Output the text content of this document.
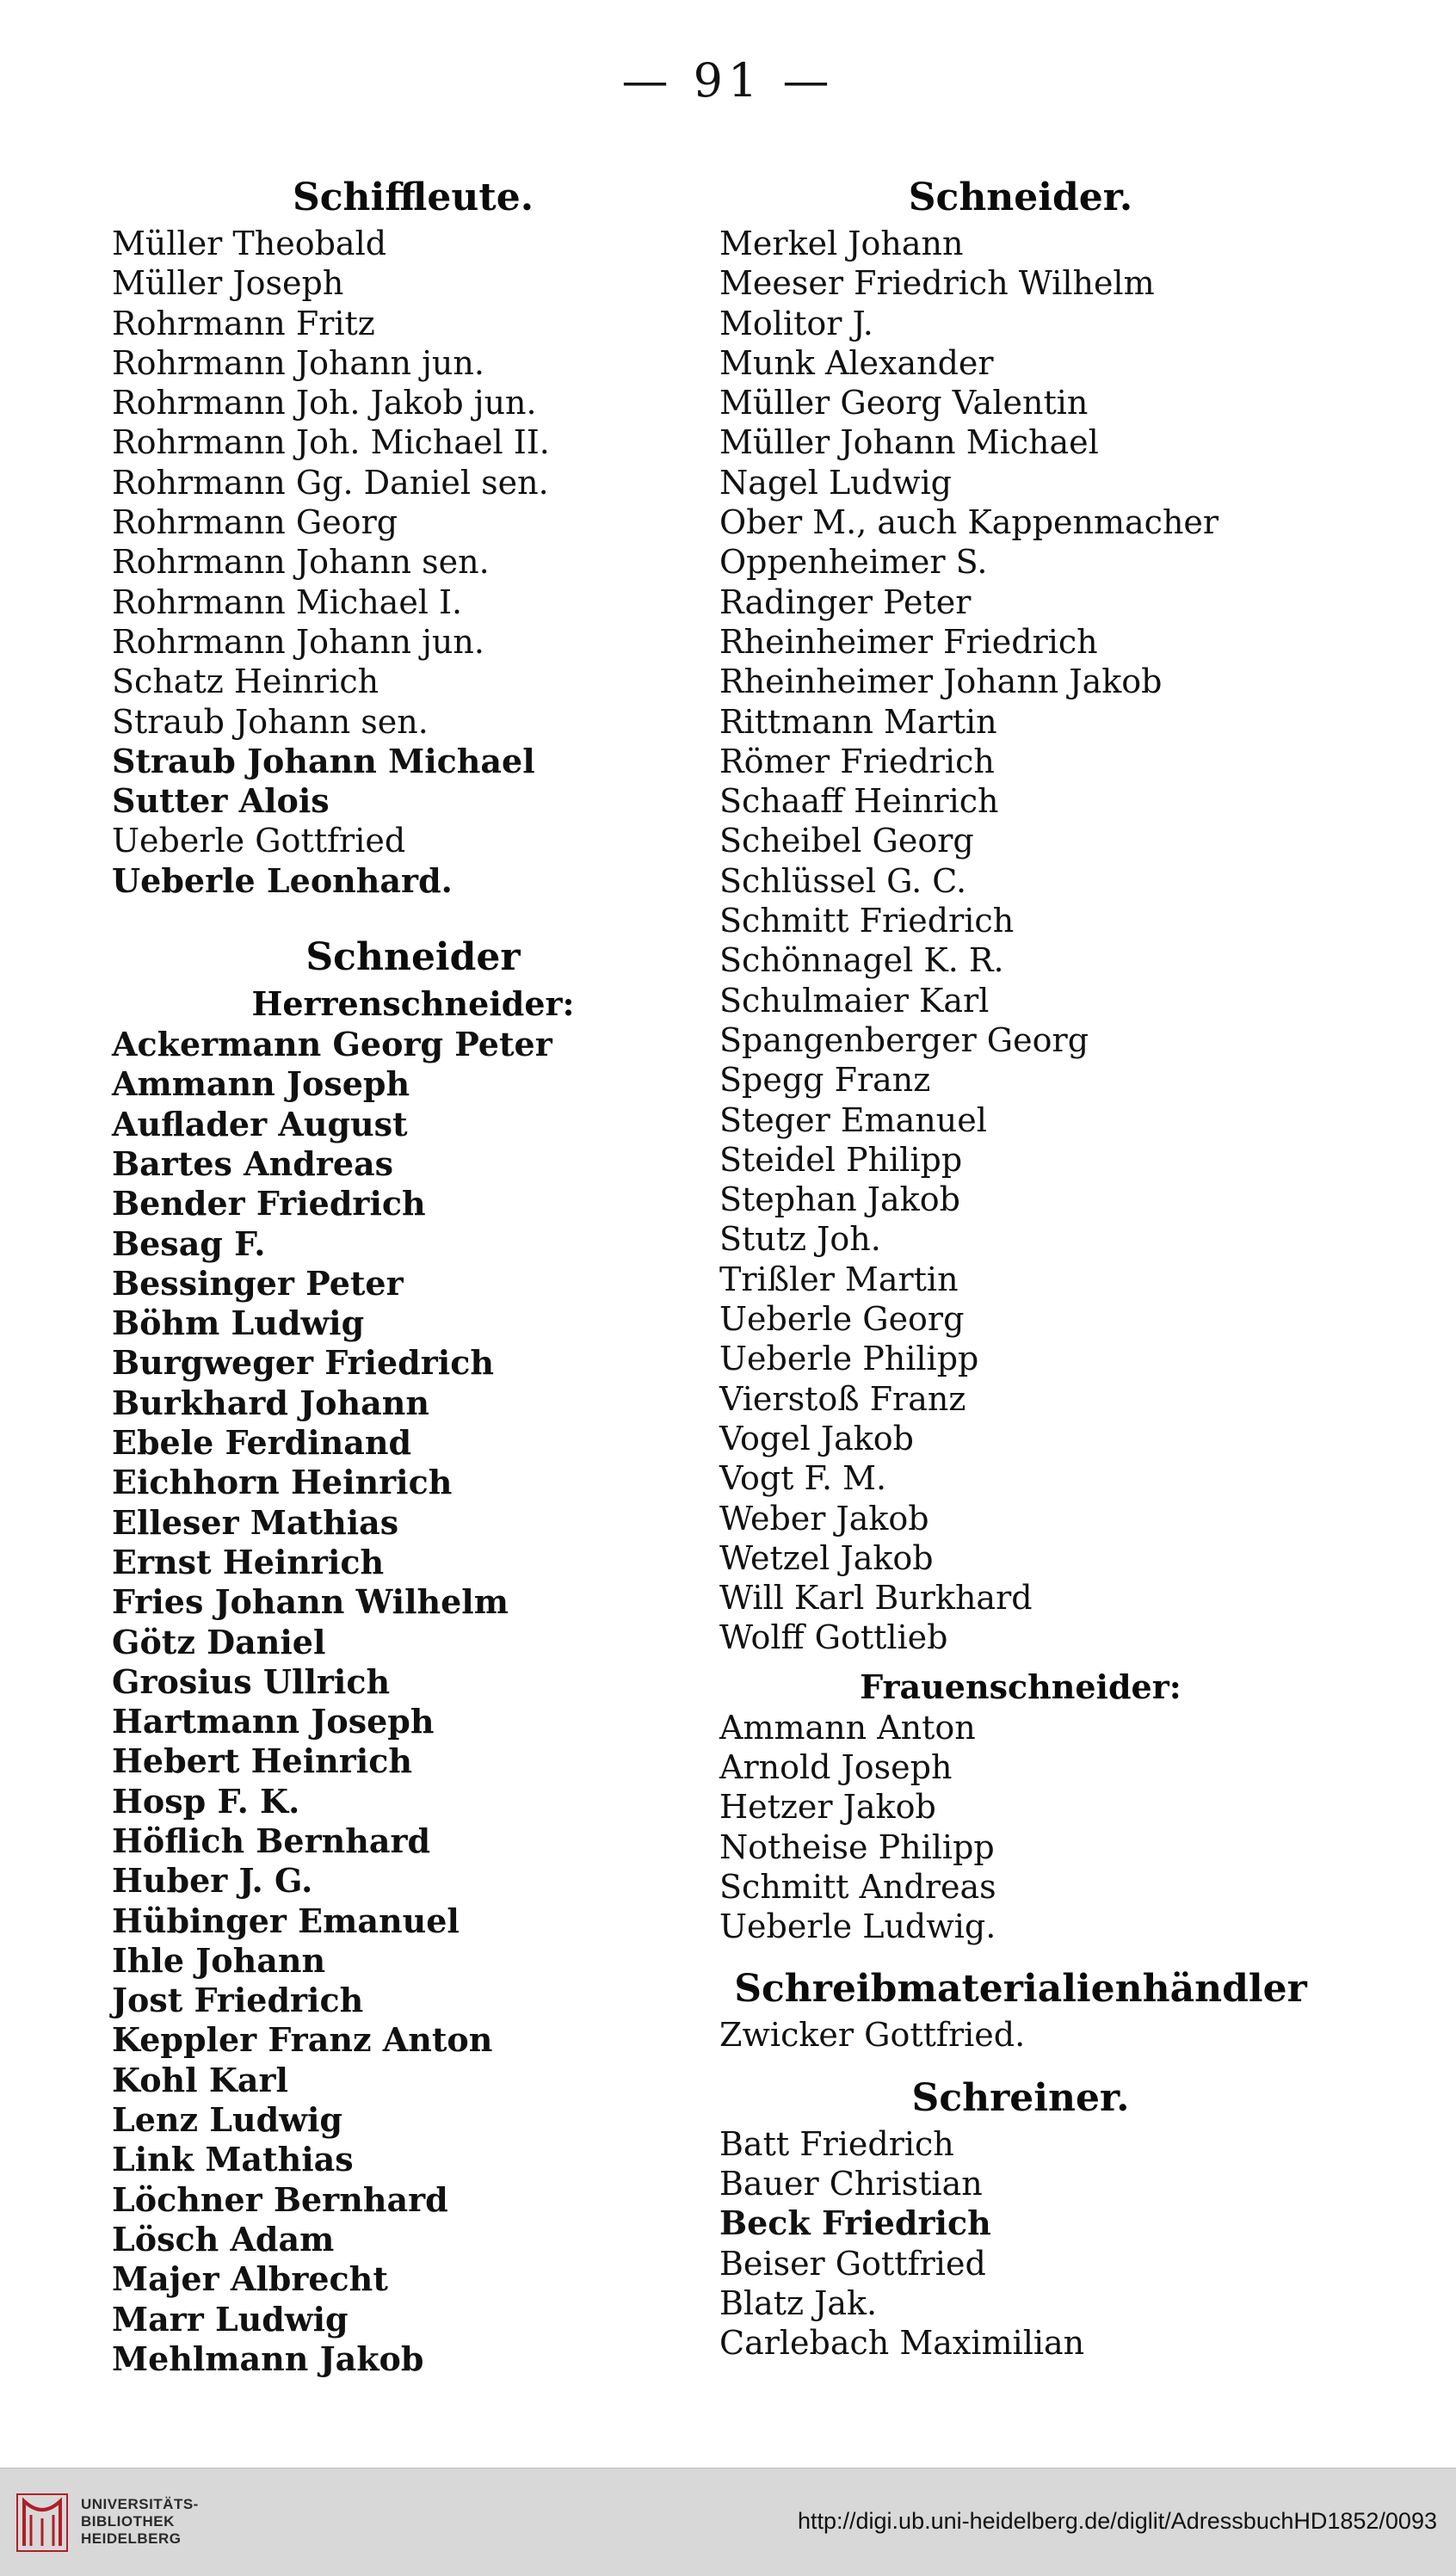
— 91 —
Schiffleute.
Müller Theobald
Müller Joseph
Rohrmann Fritz
Rohrmann Johann jun.
Rohrmann Joh. Jakob jun.
Rohrmann Joh. Michael II.
Rohrmann Gg. Daniel sen.
Rohrmann Georg
Rohrmann Johann sen.
Rohrmann Michael I.
Rohrmann Johann jun.
Schatz Heinrich
Straub Johann sen.
Straub Johann Michael
Sutter Alois
Ueberle Gottfried
Ueberle Leonhard.
Schneider
Herrenschneider:
Ackermann Georg Peter
Ammann Joseph
Auflader August
Bartes Andreas
Bender Friedrich
Besag F.
Bessinger Peter
Böhm Ludwig
Burgweger Friedrich
Burkhard Johann
Ebele Ferdinand
Eichhorn Heinrich
Elleser Mathias
Ernst Heinrich
Fries Johann Wilhelm
Götz Daniel
Grosius Ullrich
Hartmann Joseph
Hebert Heinrich
Hosp F. K.
Höflich Bernhard
Huber J. G.
Hübinger Emanuel
Ihle Johann
Jost Friedrich
Keppler Franz Anton
Kohl Karl
Lenz Ludwig
Link Mathias
Löchner Bernhard
Lösch Adam
Majer Albrecht
Marr Ludwig
Mehlmann Jakob
Schneider.
Merkel Johann
Meeser Friedrich Wilhelm
Molitor J.
Munk Alexander
Müller Georg Valentin
Müller Johann Michael
Nagel Ludwig
Ober M., auch Kappenmacher
Oppenheimer S.
Radinger Peter
Rheinheimer Friedrich
Rheinheimer Johann Jakob
Rittmann Martin
Römer Friedrich
Schaaff Heinrich
Scheibel Georg
Schlüssel G. C.
Schmitt Friedrich
Schönnagel K. R.
Schulmaier Karl
Spangenberger Georg
Spegg Franz
Steger Emanuel
Steidel Philipp
Stephan Jakob
Stutz Joh.
Trißler Martin
Ueberle Georg
Ueberle Philipp
Vierstoß Franz
Vogel Jakob
Vogt F. M.
Weber Jakob
Wetzel Jakob
Will Karl Burkhard
Wolff Gottlieb
Frauenschneider:
Ammann Anton
Arnold Joseph
Hetzer Jakob
Notheise Philipp
Schmitt Andreas
Ueberle Ludwig.
Schreibmaterialienhändler
Zwicker Gottfried.
Schreiner.
Batt Friedrich
Bauer Christian
Beck Friedrich
Beiser Gottfried
Blatz Jak.
Carlebach Maximilian
UNIVERSITÄTS-
BIBLIOTHEK
HEIDELBERG
http://digi.ub.uni-heidelberg.de/diglit/AdressbuchHD1852/0093
